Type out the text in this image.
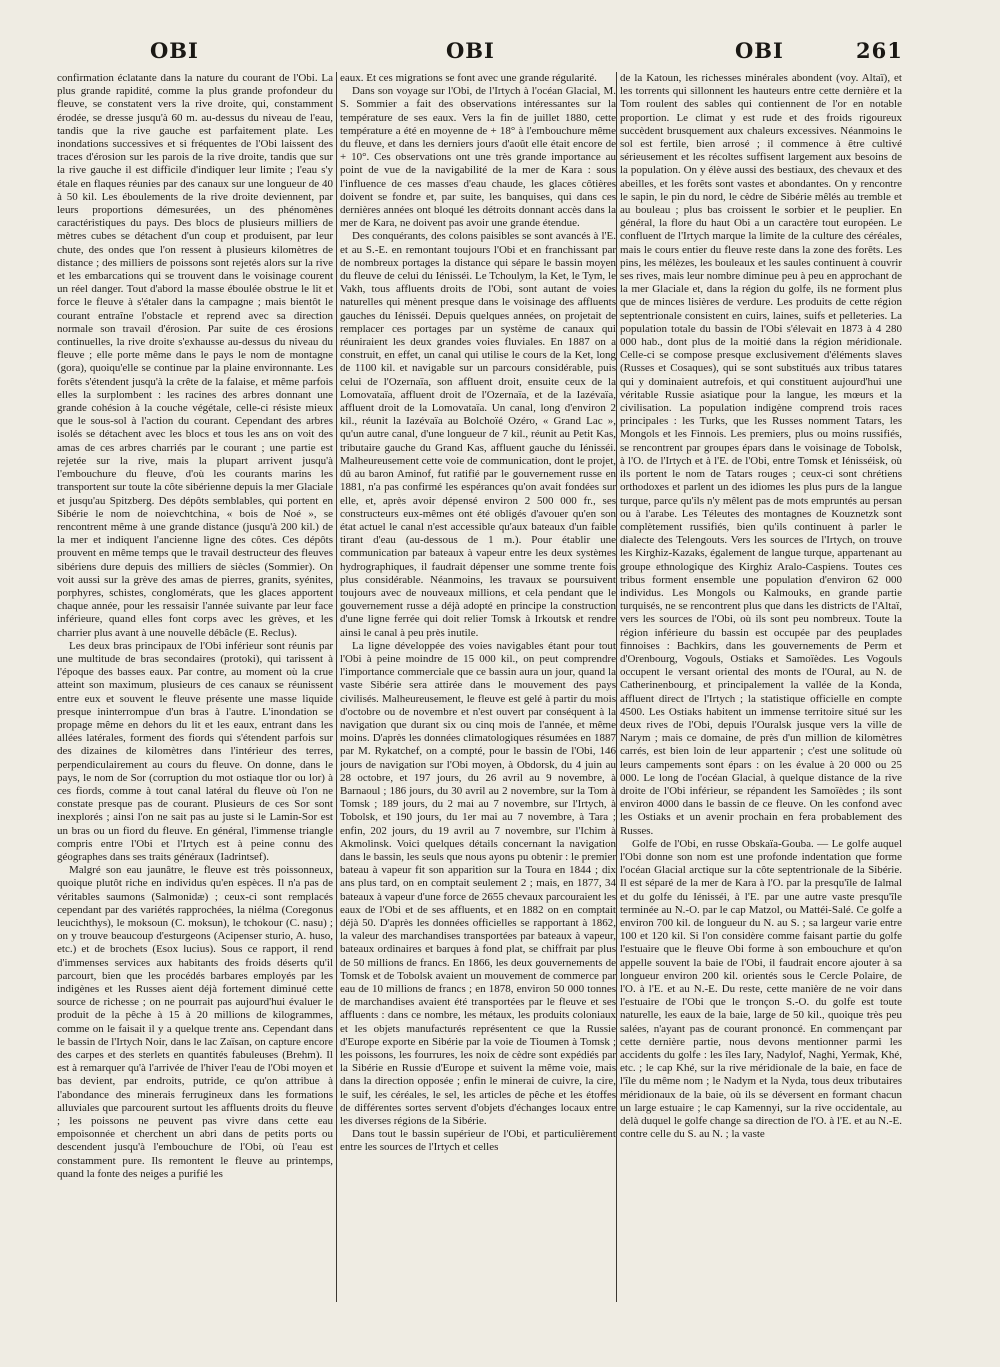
OBI	OBI	OBI	261

confirmation éclatante dans la nature du courant de l'Obi. La plus grande rapidité, comme la plus grande profondeur du fleuve, se constatent vers la rive droite, qui, constamment érodée, se dresse jusqu'à 60 m. au-dessus du niveau de l'eau, tandis que la rive gauche est parfaitement plate. Les inondations successives et si fréquentes de l'Obi laissent des traces d'érosion sur les parois de la rive droite, tandis que sur la rive gauche il est difficile d'indiquer leur limite ; l'eau s'y étale en flaques réunies par des canaux sur une longueur de 40 à 50 kil. Les éboulements de la rive droite deviennent, par leurs proportions démesurées, un des phénomènes caractéristiques du pays. Des blocs de plusieurs milliers de mètres cubes se détachent d'un coup et produisent, par leur chute, des ondes que l'on ressent à plusieurs kilomètres de distance ; des milliers de poissons sont rejetés alors sur la rive et les embarcations qui se trouvent dans le voisinage courent un réel danger. Tout d'abord la masse éboulée obstrue le lit et force le fleuve à s'étaler dans la campagne ; mais bientôt le courant entraîne l'obstacle et reprend avec sa direction normale son travail d'érosion. Par suite de ces érosions continuelles, la rive droite s'exhausse au-dessus du niveau du fleuve ; elle porte même dans le pays le nom de montagne (gora), quoiqu'elle se continue par la plaine environnante. Les forêts s'étendent jusqu'à la crête de la falaise, et même parfois elles la surplombent : les racines des arbres donnant une grande cohésion à la couche végétale, celle-ci résiste mieux que le sous-sol à l'action du courant. Cependant des arbres isolés se détachent avec les blocs et tous les ans on voit des amas de ces arbres charriés par le courant ; une partie est rejetée sur la rive, mais la plupart arrivent jusqu'à l'embouchure du fleuve, d'où les courants marins les transportent sur toute la côte sibérienne depuis la mer Glaciale et jusqu'au Spitzberg. Des dépôts semblables, qui portent en Sibérie le nom de noievchtchina, « bois de Noé », se rencontrent même à une grande distance (jusqu'à 200 kil.) de la mer et indiquent l'ancienne ligne des côtes. Ces dépôts prouvent en même temps que le travail destructeur des fleuves sibériens dure depuis des milliers de siècles (Sommier). On voit aussi sur la grève des amas de pierres, granits, syénites, porphyres, schistes, conglomérats, que les glaces apportent chaque année, pour les ressaisir l'année suivante par leur face inférieure, quand elles font corps avec les grèves, et les charrier plus avant à une nouvelle débâcle (E. Reclus).

Les deux bras principaux de l'Obi inférieur sont réunis par une multitude de bras secondaires (protoki), qui tarissent à l'époque des basses eaux. Par contre, au moment où la crue atteint son maximum, plusieurs de ces canaux se réunissent entre eux et souvent le fleuve présente une masse liquide presque ininterrompue d'un bras à l'autre. L'inondation se propage même en dehors du lit et les eaux, entrant dans les allées latérales, forment des fiords qui s'étendent parfois sur des dizaines de kilomètres dans l'intérieur des terres, perpendiculairement au cours du fleuve. On donne, dans le pays, le nom de Sor (corruption du mot ostiaque tlor ou lor) à ces fiords, comme à tout canal latéral du fleuve où l'on ne constate presque pas de courant. Plusieurs de ces Sor sont inexplorés ; ainsi l'on ne sait pas au juste si le Lamin-Sor est un bras ou un fiord du fleuve. En général, l'immense triangle compris entre l'Obi et l'Irtych est à peine connu des géographes dans ses traits généraux (Iadrintsef).

Malgré son eau jaunâtre, le fleuve est très poissonneux, quoique plutôt riche en individus qu'en espèces. Il n'a pas de véritables saumons (Salmonidæ) ; ceux-ci sont remplacés cependant par des variétés rapprochées, la niélma (Coregonus leucichthys), le moksoun (C. moksun), le tchokour (C. nasu) ; on y trouve beaucoup d'esturgeons (Acipenser sturio, A. huso, etc.) et de brochets (Esox lucius). Sous ce rapport, il rend d'immenses services aux habitants des froids déserts qu'il parcourt, bien que les procédés barbares employés par les indigènes et les Russes aient déjà fortement diminué cette source de richesse ; on ne pourrait pas aujourd'hui évaluer le produit de la pêche à 15 à 20 millions de kilogrammes, comme on le faisait il y a quelque trente ans. Cependant dans le bassin de l'Irtych Noir, dans le lac Zaïsan, on capture encore des carpes et des sterlets en quantités fabuleuses (Brehm). Il est à remarquer qu'à l'arrivée de l'hiver l'eau de l'Obi moyen et bas devient, par endroits, putride, ce qu'on attribue à l'abondance des minerais ferrugineux dans les formations alluviales que parcourent surtout les affluents droits du fleuve ; les poissons ne peuvent pas vivre dans cette eau empoisonnée et cherchent un abri dans de petits ports ou descendent jusqu'à l'embouchure de l'Obi, où l'eau est constamment pure. Ils remontent le fleuve au printemps, quand la fonte des neiges a purifié les

eaux. Et ces migrations se font avec une grande régularité.

Dans son voyage sur l'Obi, de l'Irtych à l'océan Glacial, M. S. Sommier a fait des observations intéressantes sur la température de ses eaux. Vers la fin de juillet 1880, cette température a été en moyenne de + 18° à l'embouchure même du fleuve, et dans les derniers jours d'août elle était encore de + 10°. Ces observations ont une très grande importance au point de vue de la navigabilité de la mer de Kara : sous l'influence de ces masses d'eau chaude, les glaces côtières doivent se fondre et, par suite, les banquises, qui dans ces dernières années ont bloqué les détroits donnant accès dans la mer de Kara, ne doivent pas avoir une grande étendue.

Des conquérants, des colons paisibles se sont avancés à l'E. et au S.-E. en remontant toujours l'Obi et en franchissant par de nombreux portages la distance qui sépare le bassin moyen du fleuve de celui du Iénisséi. Le Tchoulym, la Ket, le Tym, le Vakh, tous affluents droits de l'Obi, sont autant de voies naturelles qui mènent presque dans le voisinage des affluents gauches du Iénisséi. Depuis quelques années, on projetait de remplacer ces portages par un système de canaux qui réuniraient les deux grandes voies fluviales. En 1887 on a construit, en effet, un canal qui utilise le cours de la Ket, long de 1100 kil. et navigable sur un parcours considérable, puis celui de l'Ozernaïa, son affluent droit, ensuite ceux de la Lomovataïa, affluent droit de l'Ozernaïa, et de la Iazévaïa, affluent droit de la Lomovataïa. Un canal, long d'environ 2 kil., réunit la Iazévaïa au Bolchoïé Ozéro, « Grand Lac », qu'un autre canal, d'une longueur de 7 kil., réunit au Petit Kas, tributaire gauche du Grand Kas, affluent gauche du Iénisséi. Malheureusement cette voie de communication, dont le projet, dû au baron Aminof, fut ratifié par le gouvernement russe en 1881, n'a pas confirmé les espérances qu'on avait fondées sur elle, et, après avoir dépensé environ 2 500 000 fr., ses constructeurs eux-mêmes ont été obligés d'avouer qu'en son état actuel le canal n'est accessible qu'aux bateaux d'un faible tirant d'eau (au-dessous de 1 m.). Pour établir une communication par bateaux à vapeur entre les deux systèmes hydrographiques, il faudrait dépenser une somme trente fois plus considérable. Néanmoins, les travaux se poursuivent toujours avec de nouveaux millions, et cela pendant que le gouvernement russe a déjà adopté en principe la construction d'une ligne ferrée qui doit relier Tomsk à Irkoutsk et rendre ainsi le canal à peu près inutile.

La ligne développée des voies navigables étant pour tout l'Obi à peine moindre de 15 000 kil., on peut comprendre l'importance commerciale que ce bassin aura un jour, quand la vaste Sibérie sera attirée dans le mouvement des pays civilisés. Malheureusement, le fleuve est gelé à partir du mois d'octobre ou de novembre et n'est ouvert par conséquent à la navigation que durant six ou cinq mois de l'année, et même moins. D'après les données climatologiques résumées en 1887 par M. Rykatchef, on a compté, pour le bassin de l'Obi, 146 jours de navigation sur l'Obi moyen, à Obdorsk, du 4 juin au 28 octobre, et 197 jours, du 26 avril au 9 novembre, à Barnaoul ; 186 jours, du 30 avril au 2 novembre, sur la Tom à Tomsk ; 189 jours, du 2 mai au 7 novembre, sur l'Irtych, à Tobolsk, et 190 jours, du 1er mai au 7 novembre, à Tara ; enfin, 202 jours, du 19 avril au 7 novembre, sur l'Ichim à Akmolinsk. Voici quelques détails concernant la navigation dans le bassin, les seuls que nous ayons pu obtenir : le premier bateau à vapeur fit son apparition sur la Toura en 1844 ; dix ans plus tard, on en comptait seulement 2 ; mais, en 1877, 34 bateaux à vapeur d'une force de 2655 chevaux parcouraient les eaux de l'Obi et de ses affluents, et en 1882 on en comptait déjà 50. D'après les données officielles se rapportant à 1862, la valeur des marchandises transportées par bateaux à vapeur, bateaux ordinaires et barques à fond plat, se chiffrait par plus de 50 millions de francs. En 1866, les deux gouvernements de Tomsk et de Tobolsk avaient un mouvement de commerce par eau de 10 millions de francs ; en 1878, environ 50 000 tonnes de marchandises avaient été transportées par le fleuve et ses affluents : dans ce nombre, les métaux, les produits coloniaux et les objets manufacturés représentent ce que la Russie d'Europe exporte en Sibérie par la voie de Tioumen à Tomsk ; les poissons, les fourrures, les noix de cèdre sont expédiés par la Sibérie en Russie d'Europe et suivent la même voie, mais dans la direction opposée ; enfin le minerai de cuivre, la cire, le suif, les céréales, le sel, les articles de pêche et les étoffes de différentes sortes servent d'objets d'échanges locaux entre les diverses régions de la Sibérie.

Dans tout le bassin supérieur de l'Obi, et particulièrement entre les sources de l'Irtych et celles

de la Katoun, les richesses minérales abondent (voy. Altaï), et les torrents qui sillonnent les hauteurs entre cette dernière et la Tom roulent des sables qui contiennent de l'or en notable proportion. Le climat y est rude et des froids rigoureux succèdent brusquement aux chaleurs excessives. Néanmoins le sol est fertile, bien arrosé ; il commence à être cultivé sérieusement et les récoltes suffisent largement aux besoins de la population. On y élève aussi des bestiaux, des chevaux et des abeilles, et les forêts sont vastes et abondantes. On y rencontre le sapin, le pin du nord, le cèdre de Sibérie mêlés au tremble et au bouleau ; plus bas croissent le sorbier et le peuplier. En général, la flore du haut Obi a un caractère tout européen. Le confluent de l'Irtych marque la limite de la culture des céréales, mais le cours entier du fleuve reste dans la zone des forêts. Les pins, les mélèzes, les bouleaux et les saules continuent à couvrir ses rives, mais leur nombre diminue peu à peu en approchant de la mer Glaciale et, dans la région du golfe, ils ne forment plus que de minces lisières de verdure. Les produits de cette région septentrionale consistent en cuirs, laines, suifs et pelleteries. La population totale du bassin de l'Obi s'élevait en 1873 à 4 280 000 hab., dont plus de la moitié dans la région méridionale. Celle-ci se compose presque exclusivement d'éléments slaves (Russes et Cosaques), qui se sont substitués aux tribus tatares qui y dominaient autrefois, et qui constituent aujourd'hui une véritable Russie asiatique pour la langue, les mœurs et la civilisation. La population indigène comprend trois races principales : les Turks, que les Russes nomment Tatars, les Mongols et les Finnois. Les premiers, plus ou moins russifiés, se rencontrent par groupes épars dans le voisinage de Tobolsk, à l'O. de l'Irtych et à l'E. de l'Obi, entre Tomsk et Iénisséisk, où ils portent le nom de Tatars rouges ; ceux-ci sont chrétiens orthodoxes et parlent un des idiomes les plus purs de la langue turque, parce qu'ils n'y mêlent pas de mots empruntés au persan ou à l'arabe. Les Téleutes des montagnes de Kouznetzk sont complètement russifiés, bien qu'ils continuent à parler le dialecte des Telengouts. Vers les sources de l'Irtych, on trouve les Kirghiz-Kazaks, également de langue turque, appartenant au groupe ethnologique des Kirghiz Aralo-Caspiens. Toutes ces tribus forment ensemble une population d'environ 62 000 individus. Les Mongols ou Kalmouks, en grande partie turquisés, ne se rencontrent plus que dans les districts de l'Altaï, vers les sources de l'Obi, où ils sont peu nombreux. Toute la région inférieure du bassin est occupée par des peuplades finnoises : Bachkirs, dans les gouvernements de Perm et d'Orenbourg, Vogouls, Ostiaks et Samoïèdes. Les Vogouls occupent le versant oriental des monts de l'Oural, au N. de Catherinenbourg, et principalement la vallée de la Konda, affluent direct de l'Irtych ; la statistique officielle en compte 4500. Les Ostiaks habitent un immense territoire situé sur les deux rives de l'Obi, depuis l'Ouralsk jusque vers la ville de Narym ; mais ce domaine, de près d'un million de kilomètres carrés, est bien loin de leur appartenir ; c'est une solitude où leurs campements sont épars : on les évalue à 20 000 ou 25 000. Le long de l'océan Glacial, à quelque distance de la rive droite de l'Obi inférieur, se répandent les Samoïèdes ; ils sont environ 4000 dans le bassin de ce fleuve. On les confond avec les Ostiaks et un avenir prochain en fera probablement des Russes.

Golfe de l'Obi, en russe Obskaïa-Gouba. — Le golfe auquel l'Obi donne son nom est une profonde indentation que forme l'océan Glacial arctique sur la côte septentrionale de la Sibérie. Il est séparé de la mer de Kara à l'O. par la presqu'île de Ialmal et du golfe du Iénisséi, à l'E. par une autre vaste presqu'île terminée au N.-O. par le cap Matzol, ou Mattéi-Salé. Ce golfe a environ 700 kil. de longueur du N. au S. ; sa largeur varie entre 100 et 120 kil. Si l'on considère comme faisant partie du golfe l'estuaire que le fleuve Obi forme à son embouchure et qu'on appelle souvent la baie de l'Obi, il faudrait encore ajouter à sa longueur environ 200 kil. orientés sous le Cercle Polaire, de l'O. à l'E. et au N.-E. Du reste, cette manière de ne voir dans l'estuaire de l'Obi que le tronçon S.-O. du golfe est toute naturelle, les eaux de la baie, large de 50 kil., quoique très peu salées, n'ayant pas de courant prononcé. En commençant par cette dernière partie, nous devons mentionner parmi les accidents du golfe : les îles Iary, Nadylof, Naghi, Yermak, Khé, etc. ; le cap Khé, sur la rive méridionale de la baie, en face de l'île du même nom ; le Nadym et la Nyda, tous deux tributaires méridionaux de la baie, où ils se déversent en formant chacun un large estuaire ; le cap Kamennyi, sur la rive occidentale, au delà duquel le golfe change sa direction de l'O. à l'E. et au N.-E. contre celle du S. au N. ; la vaste
